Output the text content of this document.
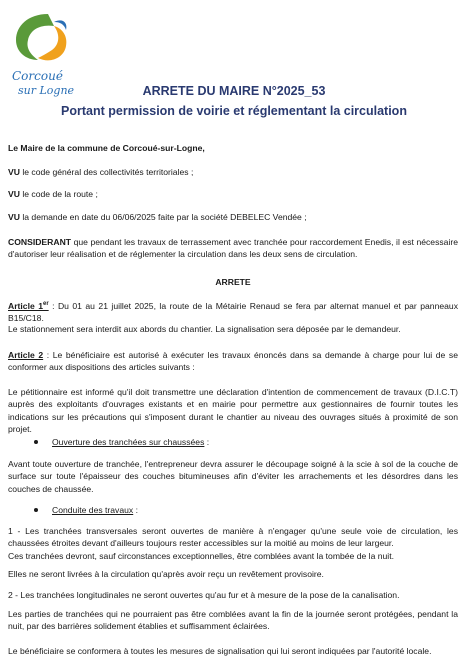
Corcoué
sur Logne	ARRETE DU MAIRE N°2025_53
Portant permission de voirie et réglementant la circulation
Le Maire de la commune de Corcoué-sur-Logne,
VU le code général des collectivités territoriales ;
VU le code de la route ;
VU la demande en date du 06/06/2025 faite par la société DEBELEC Vendée ;
CONSIDERANT que pendant les travaux de terrassement avec tranchée pour raccordement Enedis, il est nécessaire d'autoriser leur réalisation et de réglementer la circulation dans les deux sens de circulation.
ARRETE
Article 1er : Du 01 au 21 juillet 2025, la route de la Métairie Renaud se fera par alternat manuel et par panneaux B15/C18.
Le stationnement sera interdit aux abords du chantier. La signalisation sera déposée par le demandeur.
Article 2 : Le bénéficiaire est autorisé à exécuter les travaux énoncés dans sa demande à charge pour lui de se conformer aux dispositions des articles suivants :
Le pétitionnaire est informé qu'il doit transmettre une déclaration d'intention de commencement de travaux (D.I.C.T) auprès des exploitants d'ouvrages existants et en mairie pour permettre aux gestionnaires de fournir toutes les indications sur les précautions qui s'imposent durant le chantier au niveau des ouvrages situés à proximité de son projet.
Ouverture des tranchées sur chaussées :
Avant toute ouverture de tranchée, l'entrepreneur devra assurer le découpage soigné à la scie à sol de la couche de surface sur toute l'épaisseur des couches bitumineuses afin d'éviter les arrachements et les désordres dans les couches de chaussée.
Conduite des travaux :
1 - Les tranchées transversales seront ouvertes de manière à n'engager qu'une seule voie de circulation, les chaussées étroites devant d'ailleurs toujours rester accessibles sur la moitié au moins de leur largeur.
Ces tranchées devront, sauf circonstances exceptionnelles, être comblées avant la tombée de la nuit.
Elles ne seront livrées à la circulation qu'après avoir reçu un revêtement provisoire.
2 - Les tranchées longitudinales ne seront ouvertes qu'au fur et à mesure de la pose de la canalisation.
Les parties de tranchées qui ne pourraient pas être comblées avant la fin de la journée seront protégées, pendant la nuit, par des barrières solidement établies et suffisamment éclairées.
Le bénéficiaire se conformera à toutes les mesures de signalisation qui lui seront indiquées par l'autorité locale.
